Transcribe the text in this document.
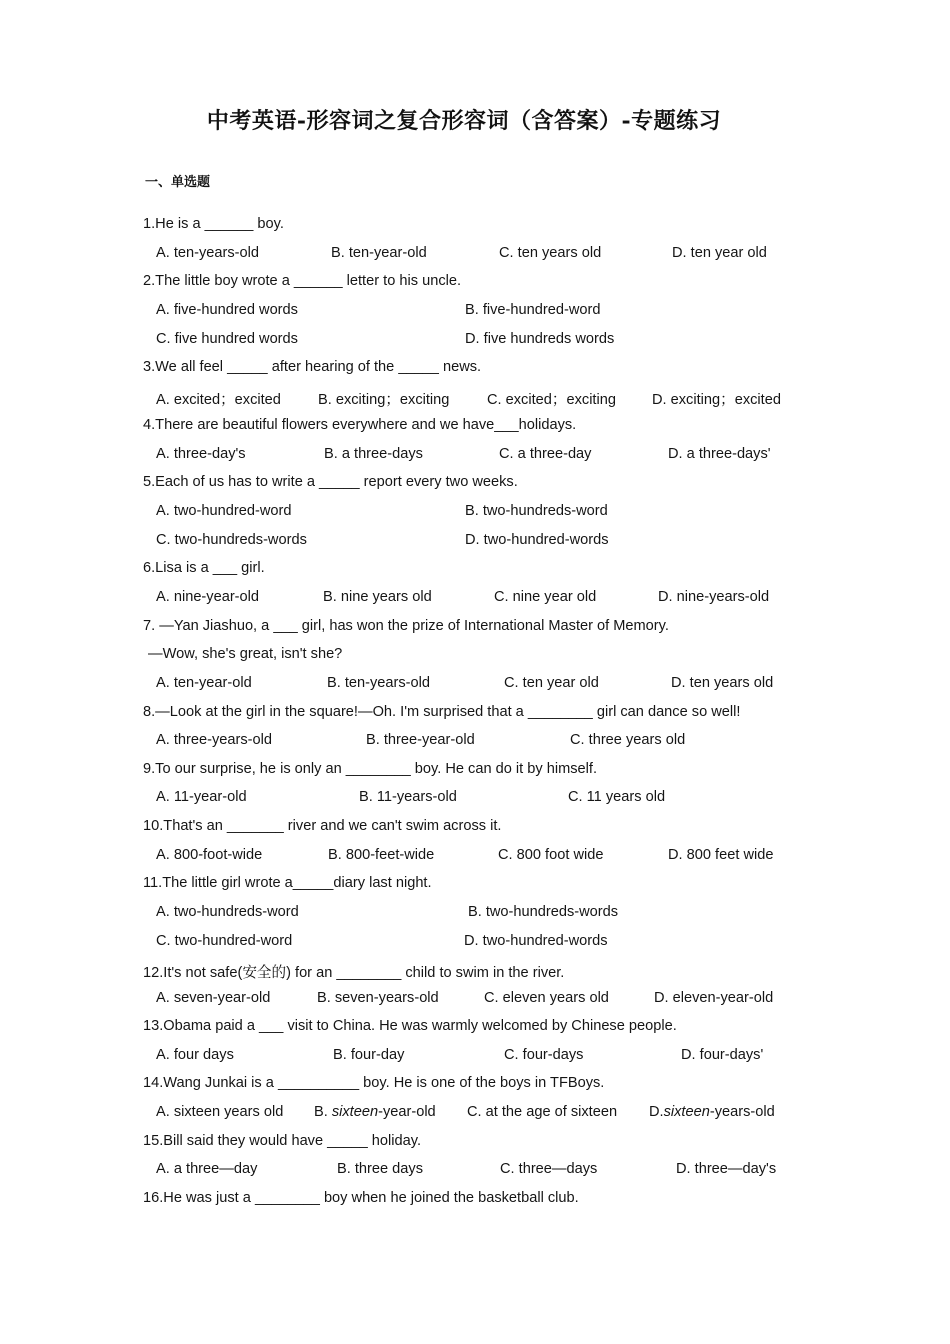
中考英语-形容词之复合形容词（含答案）-专题练习
一、单选题
1.He is a ______ boy.
A. ten-years-old	B. ten-year-old	C. ten years old	D. ten year old
2.The little boy wrote a ______ letter to his uncle.
A. five-hundred words	B. five-hundred-word
C. five hundred words	D. five hundreds words
3.We all feel _____ after hearing of the _____ news.
A. excited；excited	B. exciting；exciting	C. excited；exciting D. exciting；excited
4.There are beautiful flowers everywhere and we have___holidays.
A. three-day's	B. a three-days	C. a three-day	D. a three-days'
5.Each of us has to write a _____ report every two weeks.
A. two-hundred-word	B. two-hundreds-word
C. two-hundreds-words	D. two-hundred-words
6.Lisa is a ___ girl.
A. nine-year-old	B. nine years old	C. nine year old	D. nine-years-old
7. —Yan Jiashuo, a ___ girl, has won the prize of International Master of Memory.
—Wow, she's great, isn't she?
A. ten-year-old	B. ten-years-old	C. ten year old	D. ten years old
8.—Look at the girl in the square!—Oh. I'm surprised that a ________ girl can dance so well!
A. three-years-old	B. three-year-old	C. three years old
9.To our surprise, he is only an ________ boy. He can do it by himself.
A. 11-year-old	B. 11-years-old	C. 11 years old
10.That's an _______ river and we can't swim across it.
A. 800-foot-wide	B. 800-feet-wide	C. 800 foot wide	D. 800 feet wide
11.The little girl wrote a_____diary last night.
A. two-hundreds-word	B. two-hundreds-words
C. two-hundred-word	D. two-hundred-words
12.It's not safe(安全的) for an ________ child to swim in the river.
A. seven-year-old	B. seven-years-old	C. eleven years old	D. eleven-year-old
13.Obama paid a ___ visit to China. He was warmly welcomed by Chinese people.
A. four days	B. four-day	C. four-days	D. four-days'
14.Wang Junkai is a __________ boy. He is one of the boys in TFBoys.
A. sixteen years old B. sixteen-year-old C. at the age of sixteen D.sixteen-years-old
15.Bill said they would have _____ holiday.
A. a three—day	B. three days	C. three—days	D. three—day's
16.He was just a ________ boy when he joined the basketball club.
